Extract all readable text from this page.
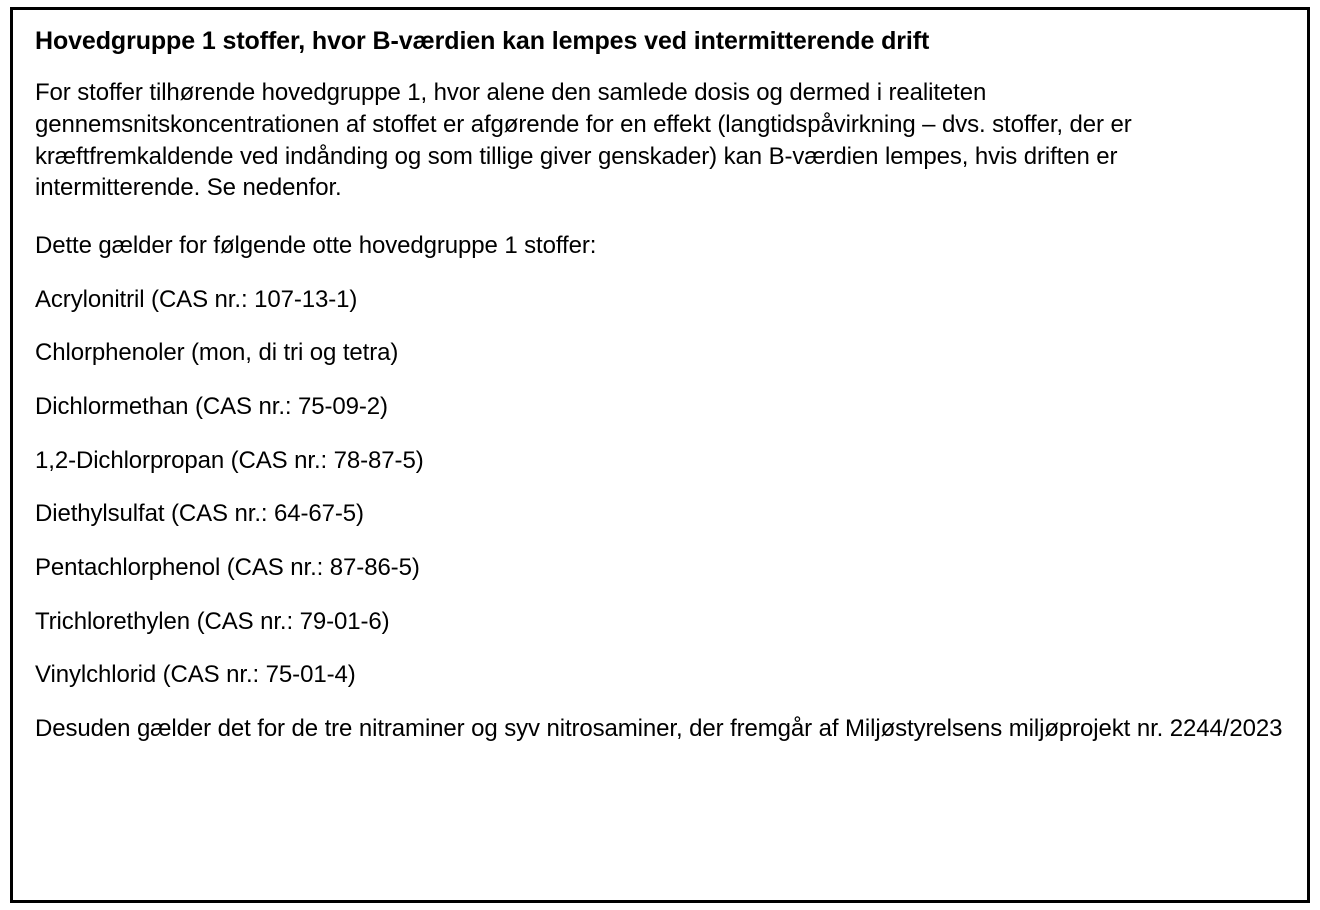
Hovedgruppe 1 stoffer, hvor B-værdien kan lempes ved intermitterende drift

For stoffer tilhørende hovedgruppe 1, hvor alene den samlede dosis og dermed i realiteten gennemsnitskoncentrationen af stoffet er afgørende for en effekt (langtidspåvirkning – dvs. stoffer, der er kræftfremkaldende ved indånding og som tillige giver genskader) kan B-værdien lempes, hvis driften er intermitterende. Se nedenfor.

Dette gælder for følgende otte hovedgruppe 1 stoffer:

Acrylonitril (CAS nr.: 107-13-1)
Chlorphenoler (mon, di tri og tetra)
Dichlormethan (CAS nr.: 75-09-2)
1,2-Dichlorpropan (CAS nr.: 78-87-5)
Diethylsulfat (CAS nr.: 64-67-5)
Pentachlorphenol (CAS nr.: 87-86-5)
Trichlorethylen (CAS nr.: 79-01-6)
Vinylchlorid (CAS nr.: 75-01-4)

Desuden gælder det for de tre nitraminer og syv nitrosaminer, der fremgår af Miljøstyrelsens miljøprojekt nr. 2244/2023
